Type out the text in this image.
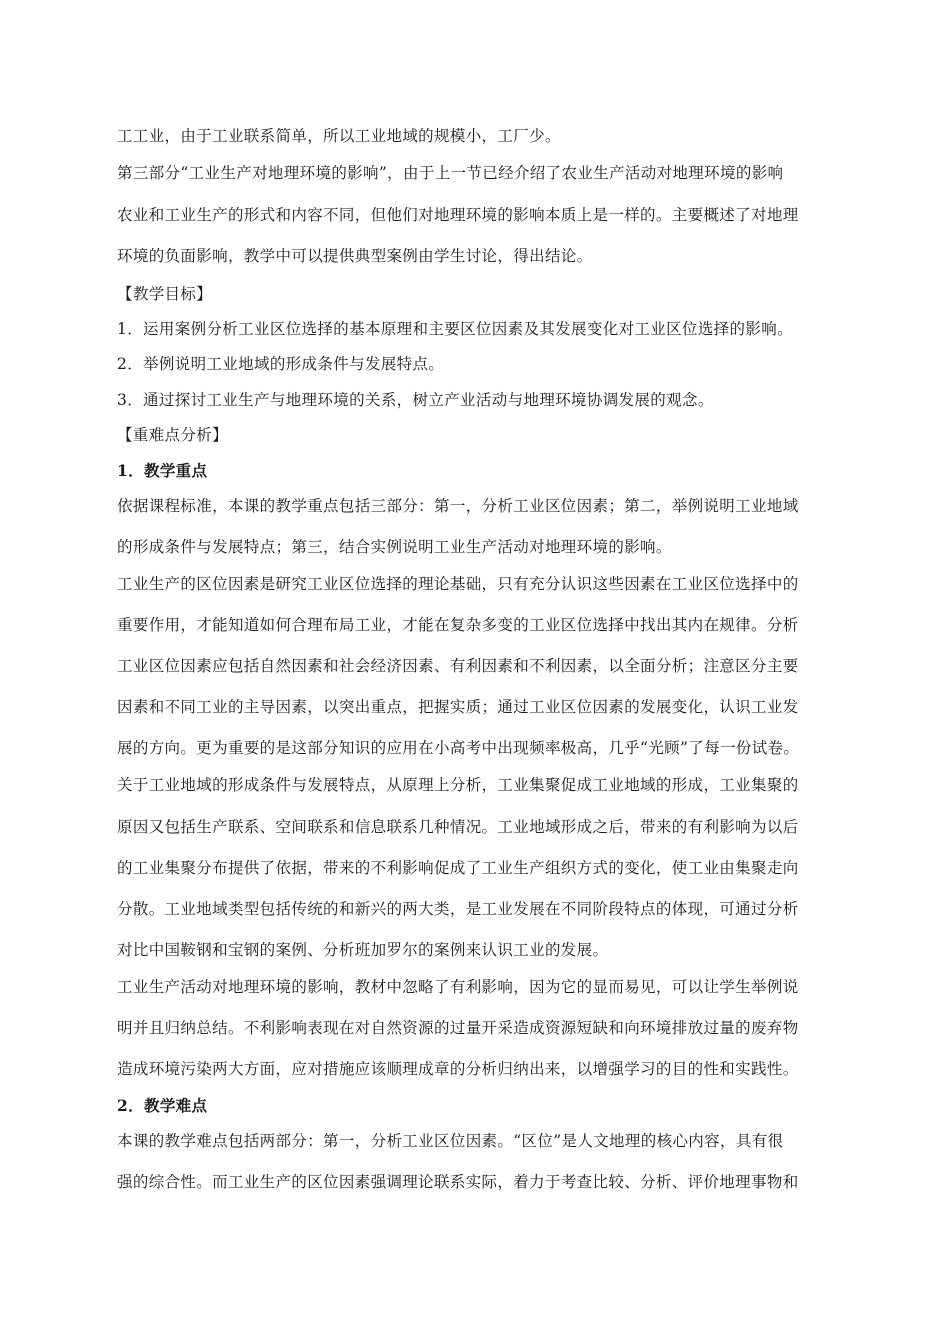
工工业，由于工业联系简单，所以工业地域的规模小，工厂少。
第三部分“工业生产对地理环境的影响”，由于上一节已经介绍了农业生产活动对地理环境的影响
农业和工业生产的形式和内容不同，但他们对地理环境的影响本质上是一样的。主要概述了对地理
环境的负面影响，教学中可以提供典型案例由学生讨论，得出结论。
【教学目标】
1．运用案例分析工业区位选择的基本原理和主要区位因素及其发展变化对工业区位选择的影响。
2．举例说明工业地域的形成条件与发展特点。
3．通过探讨工业生产与地理环境的关系，树立产业活动与地理环境协调发展的观念。
【重难点分析】
1．教学重点
依据课程标准，本课的教学重点包括三部分：第一，分析工业区位因素；第二，举例说明工业地域
的形成条件与发展特点；第三，结合实例说明工业生产活动对地理环境的影响。
工业生产的区位因素是研究工业区位选择的理论基础，只有充分认识这些因素在工业区位选择中的
重要作用，才能知道如何合理布局工业，才能在复杂多变的工业区位选择中找出其内在规律。分析
工业区位因素应包括自然因素和社会经济因素、有利因素和不利因素，以全面分析；注意区分主要
因素和不同工业的主导因素，以突出重点，把握实质；通过工业区位因素的发展变化，认识工业发
展的方向。更为重要的是这部分知识的应用在小高考中出现频率极高，几乎“光顾”了每一份试卷。
关于工业地域的形成条件与发展特点，从原理上分析，工业集聚促成工业地域的形成，工业集聚的
原因又包括生产联系、空间联系和信息联系几种情况。工业地域形成之后，带来的有利影响为以后
的工业集聚分布提供了依据，带来的不利影响促成了工业生产组织方式的变化，使工业由集聚走向
分散。工业地域类型包括传统的和新兴的两大类，是工业发展在不同阶段特点的体现，可通过分析
对比中国鞍钢和宝钢的案例、分析班加罗尔的案例来认识工业的发展。
工业生产活动对地理环境的影响，教材中忽略了有利影响，因为它的显而易见，可以让学生举例说
明并且归纳总结。不利影响表现在对自然资源的过量开采造成资源短缺和向环境排放过量的废弃物
造成环境污染两大方面，应对措施应该顺理成章的分析归纳出来，以增强学习的目的性和实践性。
2．教学难点
本课的教学难点包括两部分：第一，分析工业区位因素。“区位”是人文地理的核心内容，具有很
强的综合性。而工业生产的区位因素强调理论联系实际，着力于考查比较、分析、评价地理事物和
